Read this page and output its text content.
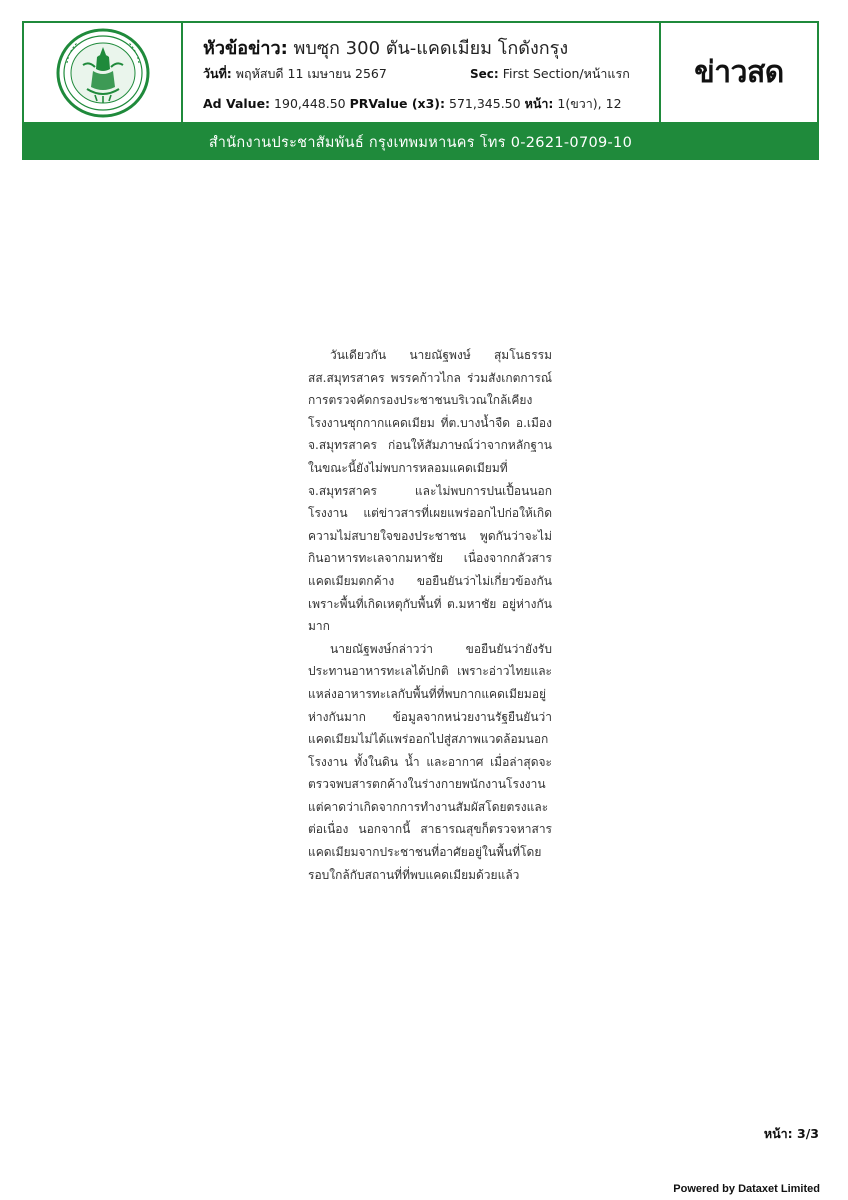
หัวข้อข่าว: พบซุก 300 ตัน-แคดเมียม โกดังกรุง
วันที่: พฤหัสบดี 11 เมษายน 2567	Sec: First Section/หน้าแรก
Ad Value: 190,448.50 PRValue (x3): 571,345.50 หน้า: 1(ขวา), 12
ข่าวสด
สำนักงานประชาสัมพันธ์ กรุงเทพมหานคร โทร 0-2621-0709-10

วันเดียวกัน นายณัฐพงษ์ สุมโนธรรม สส.สมุทรสาคร พรรคก้าวไกล ร่วมสังเกตการณ์การตรวจคัดกรองประชาชนบริเวณใกล้เคียงโรงงานซุกกากแคดเมียม ที่ต.บางน้ำจืด อ.เมือง จ.สมุทรสาคร ก่อนให้สัมภาษณ์ว่าจากหลักฐานในขณะนี้ยังไม่พบการหลอมแคดเมียมที่ จ.สมุทรสาคร และไม่พบการปนเปื้อนนอกโรงงาน แต่ข่าวสารที่เผยแพร่ออกไปก่อให้เกิดความไม่สบายใจของประชาชน พูดกันว่าจะไม่กินอาหารทะเลจากมหาชัย เนื่องจากกลัวสารแคดเมียมตกค้าง ขอยืนยันว่าไม่เกี่ยวข้องกัน เพราะพื้นที่เกิดเหตุกับพื้นที่ ต.มหาชัย อยู่ห่างกันมาก

นายณัฐพงษ์กล่าวว่า ขอยืนยันว่ายังรับประทานอาหารทะเลได้ปกติ เพราะอ่าวไทยและแหล่งอาหารทะเลกับพื้นที่ที่พบกากแคดเมียมอยู่ห่างกันมาก ข้อมูลจากหน่วยงานรัฐยืนยันว่าแคดเมียมไม่ได้แพร่ออกไปสู่สภาพแวดล้อมนอกโรงงาน ทั้งในดิน น้ำ และอากาศ เมื่อล่าสุดจะตรวจพบสารตกค้างในร่างกายพนักงานโรงงาน แต่คาดว่าเกิดจากการทำงานสัมผัสโดยตรงและต่อเนื่อง นอกจากนี้ สาธารณสุขก็ตรวจหาสารแคดเมียมจากประชาชนที่อาศัยอยู่ในพื้นที่โดยรอบใกล้กับสถานที่ที่พบแคดเมียมด้วยแล้ว

หน้า: 3/3
Powered by Dataxet Limited
